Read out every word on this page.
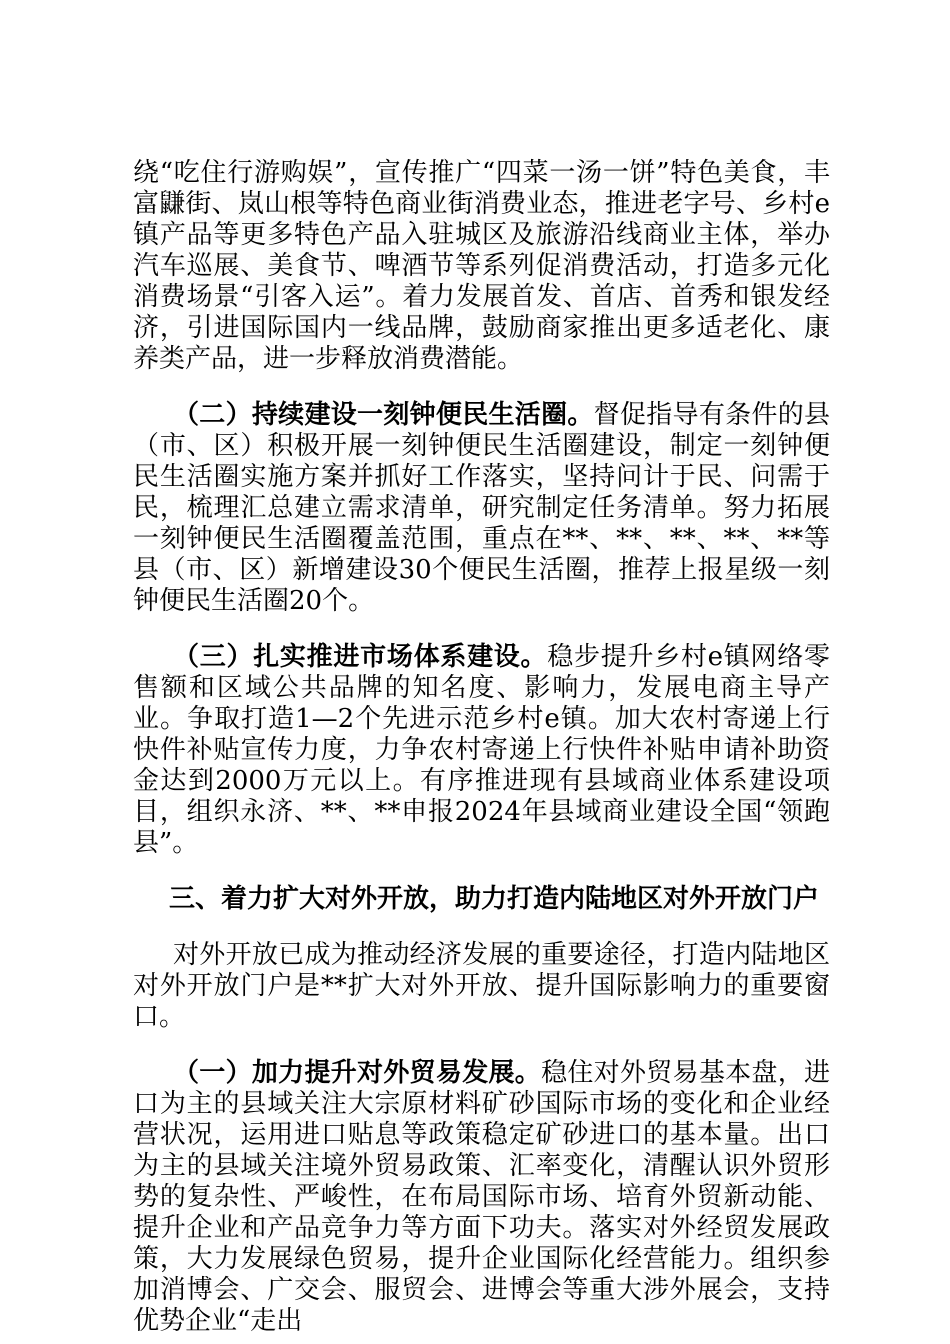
绕“吃住行游购娱”，宣传推广“四菜一汤一饼”特色美食，丰富鼸街、岚山根等特色商业街消费业态，推进老字号、乡村e镇产品等更多特色产品入驻城区及旅游沿线商业主体，举办汽车巡展、美食节、啤酒节等系列促消费活动，打造多元化消费场景“引客入运”。着力发展首发、首店、首秀和银发经济，引进国际国内一线品牌，鼓励商家推出更多适老化、康养类产品，进一步释放消费潜能。

（二）持续建设一刻钟便民生活圈。督促指导有条件的县（市、区）积极开展一刻钟便民生活圈建设，制定一刻钟便民生活圈实施方案并抓好工作落实，坚持问计于民、问需于民，梳理汇总建立需求清单，研究制定任务清单。努力拓展一刻钟便民生活圈覆盖范围，重点在**、**、**、**、**等县（市、区）新增建设30个便民生活圈，推荐上报星级一刻钟便民生活圈20个。

（三）扎实推进市场体系建设。稳步提升乡村e镇网络零售额和区域公共品牌的知名度、影响力，发展电商主导产业。争取打造1—2个先进示范乡村e镇。加大农村寄递上行快件补贴宣传力度，力争农村寄递上行快件补贴申请补助资金达到2000万元以上。有序推进现有县域商业体系建设项目，组织永济、**、**申报2024年县域商业建设全国“领跑县”。

三、着力扩大对外开放，助力打造内陆地区对外开放门户

对外开放已成为推动经济发展的重要途径，打造内陆地区对外开放门户是**扩大对外开放、提升国际影响力的重要窗口。

（一）加力提升对外贸易发展。稳住对外贸易基本盘，进口为主的县域关注大宗原材料矿砂国际市场的变化和企业经营状况，运用进口贴息等政策稳定矿砂进口的基本量。出口为主的县域关注境外贸易政策、汇率变化，清醒认识外贸形势的复杂性、严峻性，在布局国际市场、培育外贸新动能、提升企业和产品竞争力等方面下功夫。落实对外经贸发展政策，大力发展绿色贸易，提升企业国际化经营能力。组织参加消博会、广交会、服贸会、进博会等重大涉外展会，支持优势企业“走出
